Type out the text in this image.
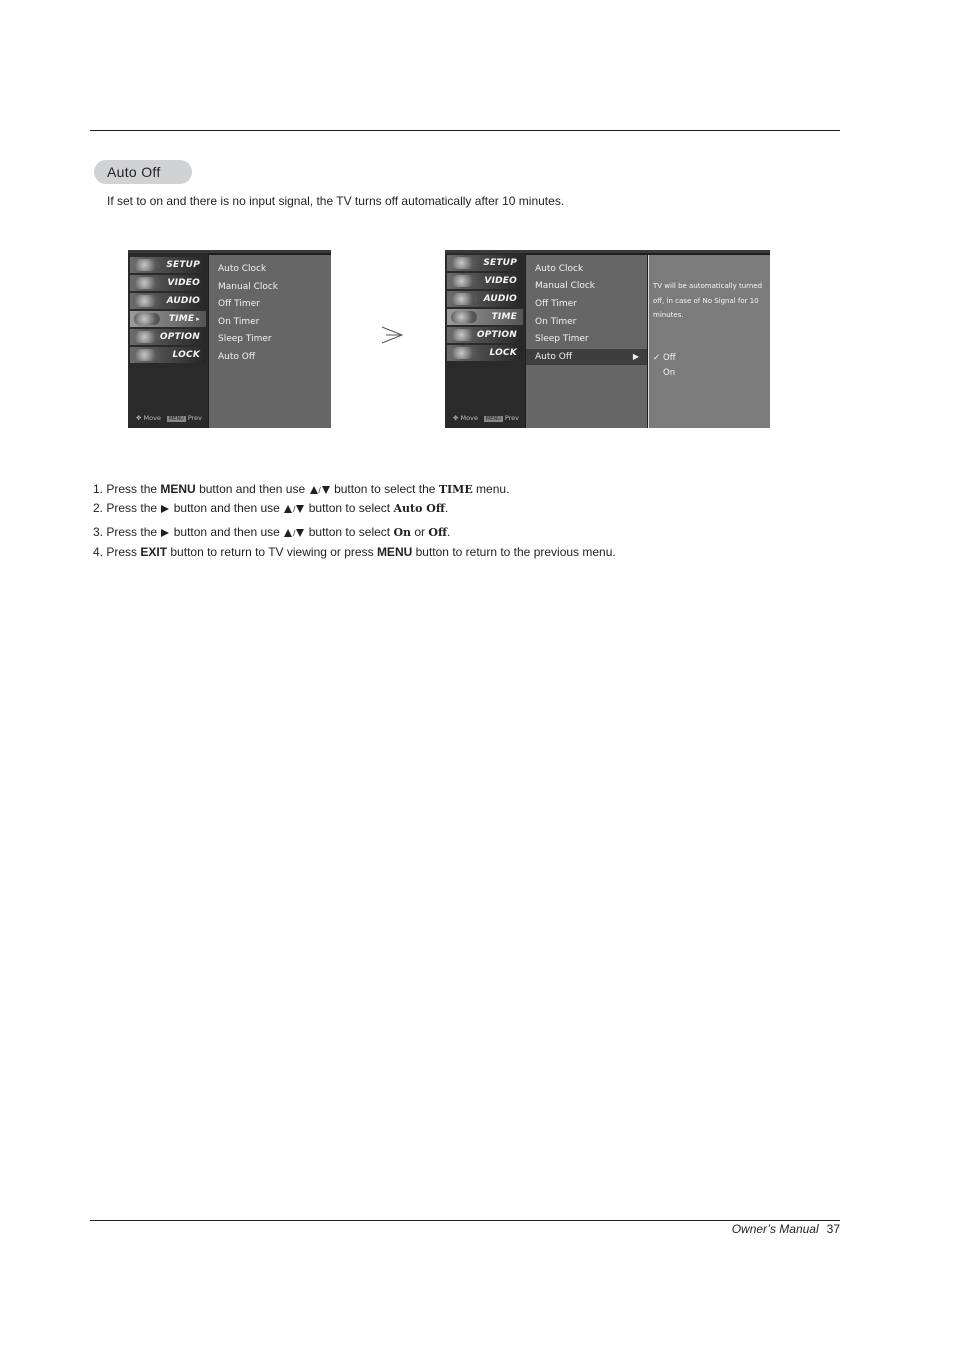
Auto Off
If set to on and there is no input signal, the TV turns off automatically after 10 minutes.
SETUP
VIDEO
AUDIO
TIME ▸
OPTION
LOCK
✥ Move MENU Prev
Auto Clock
Manual Clock
Off Timer
On Timer
Sleep Timer
Auto Off
SETUP
VIDEO
AUDIO
TIME
OPTION
LOCK
✥ Move MENU Prev
Auto Clock
Manual Clock
Off Timer
On Timer
Sleep Timer
Auto Off	▶
TV will be automatically turned off, in case of No Signal for 10 minutes.
✓ Off
On
1. Press the MENU button and then use / button to select the TIME menu.
2. Press the  button and then use / button to select Auto Off.
3. Press the  button and then use / button to select On or Off.
4. Press EXIT button to return to TV viewing or press MENU button to return to the previous menu.
Owner’s Manual 37
